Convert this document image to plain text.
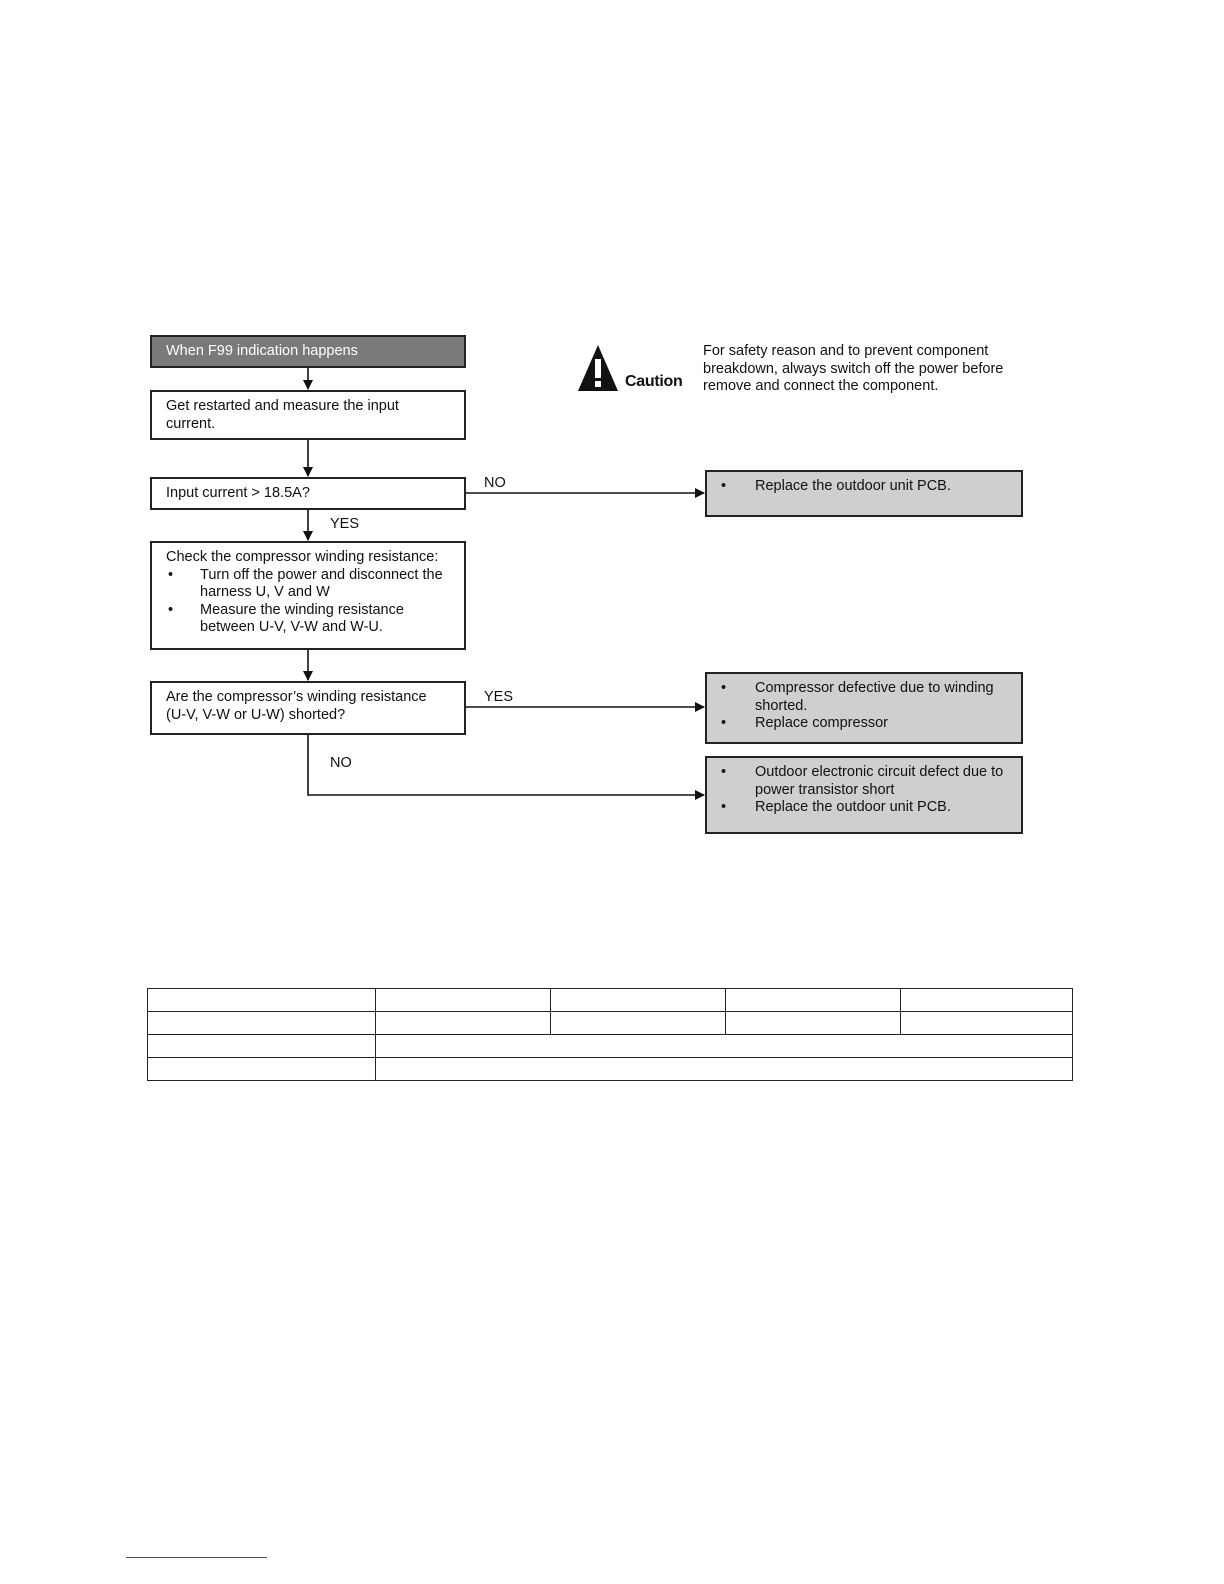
Caution
For safety reason and to prevent component breakdown, always switch off the power before remove and connect the component.
When F99 indication happens
Get restarted and measure the input current.
Input current > 18.5A?
NO
YES
Check the compressor winding resistance:
• Turn off the power and disconnect the harness U, V and W
• Measure the winding resistance between U-V, V-W and W-U.
Are the compressor’s winding resistance (U-V, V-W or U-W) shorted?
YES
NO
• Replace the outdoor unit PCB.
• Compressor defective due to winding shorted.
• Replace compressor
• Outdoor electronic circuit defect due to power transistor short
• Replace the outdoor unit PCB.
